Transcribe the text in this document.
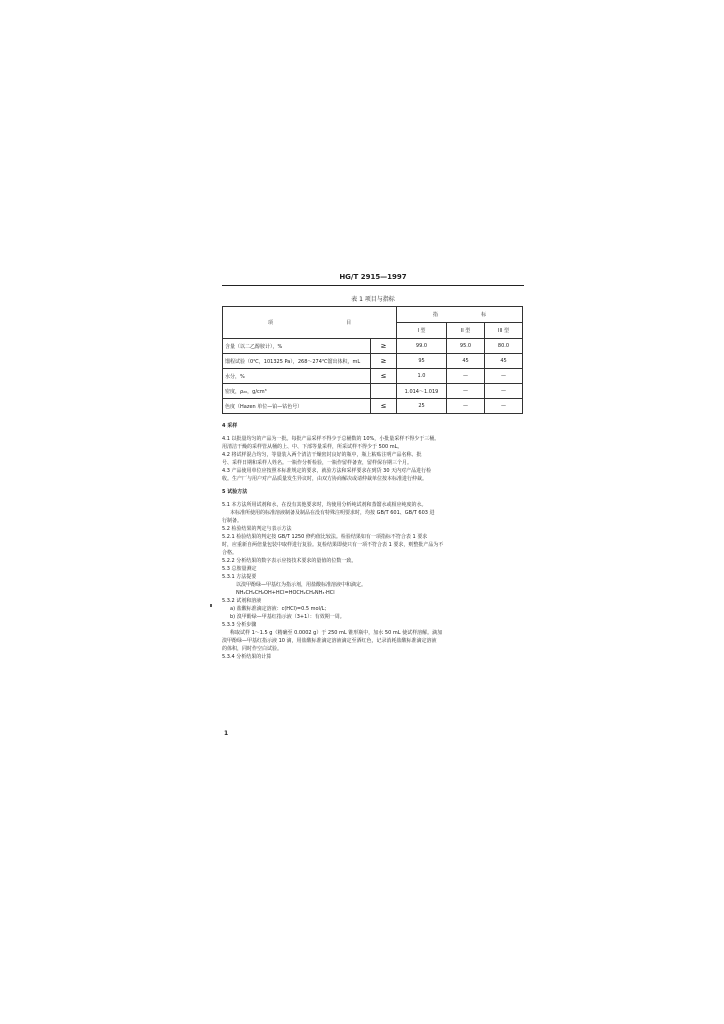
HG/T 2915—1997
表 1 项目与指标
项 目		指 标		
		I 型	II 型	III 型
含量（以二乙醇胺计），%	≥	99.0	95.0	80.0
馏程试验（0℃，101325 Pa），268～274℃馏出体积，mL	≥	95	45	45
水分，%	≤	1.0	—	—
密度，ρ₂₀，g/cm³		1.014～1.019	—	—
色度（Hazen 单位—铂—钴色号）	≤	25	—	—

4 采样

4.1 以批量均匀的产品为一批。每批产品采样不得少于总桶数的 10%，小批量采样不得少于三桶。

用清洁干燥的采样管从桶的上、中、下部等量采样，所采试样不得少于 500 mL。

4.2 将试样混合均匀，等量装入两个清洁干燥密封良好的瓶中，瓶上粘贴注明产品名称、批

号、采样日期和采样人姓名。一瓶作分析检验，一瓶作留样备查，留样保存期三个月。

4.3 产品使用单位应按照本标准规定的要求，就验方法和采样要求在到货 30 天内对产品进行检

收。生产厂与用户对产品质量发生异议时，由双方协商解决或请仲裁单位按本标准进行仲裁。

5 试验方法

5.1 本方法所用试剂和水，在没有其他要求时，均使用分析纯试剂和蒸馏水或相应纯度的水。

本标准所使用的标准溶液制备及制品在没有特殊注明要求时，均按 GB/T 601、GB/T 603 进

行制备。

5.2 检验结果的判定与表示方法

5.2.1 检验结果的判定按 GB/T 1250 修约值比较法。检验结果如有一项指标不符合表 1 要求

时，应重新自两倍量包装中取样进行复验。复检结果即使只有一项不符合表 1 要求，则整批产品为不

合格。

5.2.2 分析结果的数字表示应按技术要求的量值的位数一致。

5.3 总胺量测定

5.3.1 方法提要

以溴甲酚绿—甲基红为指示剂，用盐酸标准溶液中和滴定。

NH₂CH₂CH₂OH+HCl=HOCH₂CH₂NH₃·HCl

5.3.2 试剂和溶液

a) 盐酸标准滴定溶液：c(HCl)=0.5 mol/L；

b) 溴甲酚绿—甲基红指示液（3+1）：有效期一周。

5.3.3 分析步骤

称取试样 1～1.5 g（精确至 0.0002 g）于 250 mL 锥形瓶中，加水 50 mL 使试样溶解。滴加

溴甲酚绿—甲基红指示液 10 滴，用盐酸标准滴定溶液滴定至酒红色，记录消耗盐酸标准滴定溶液

的体积，同时作空白试验。

5.3.4 分析结果的计算

1
